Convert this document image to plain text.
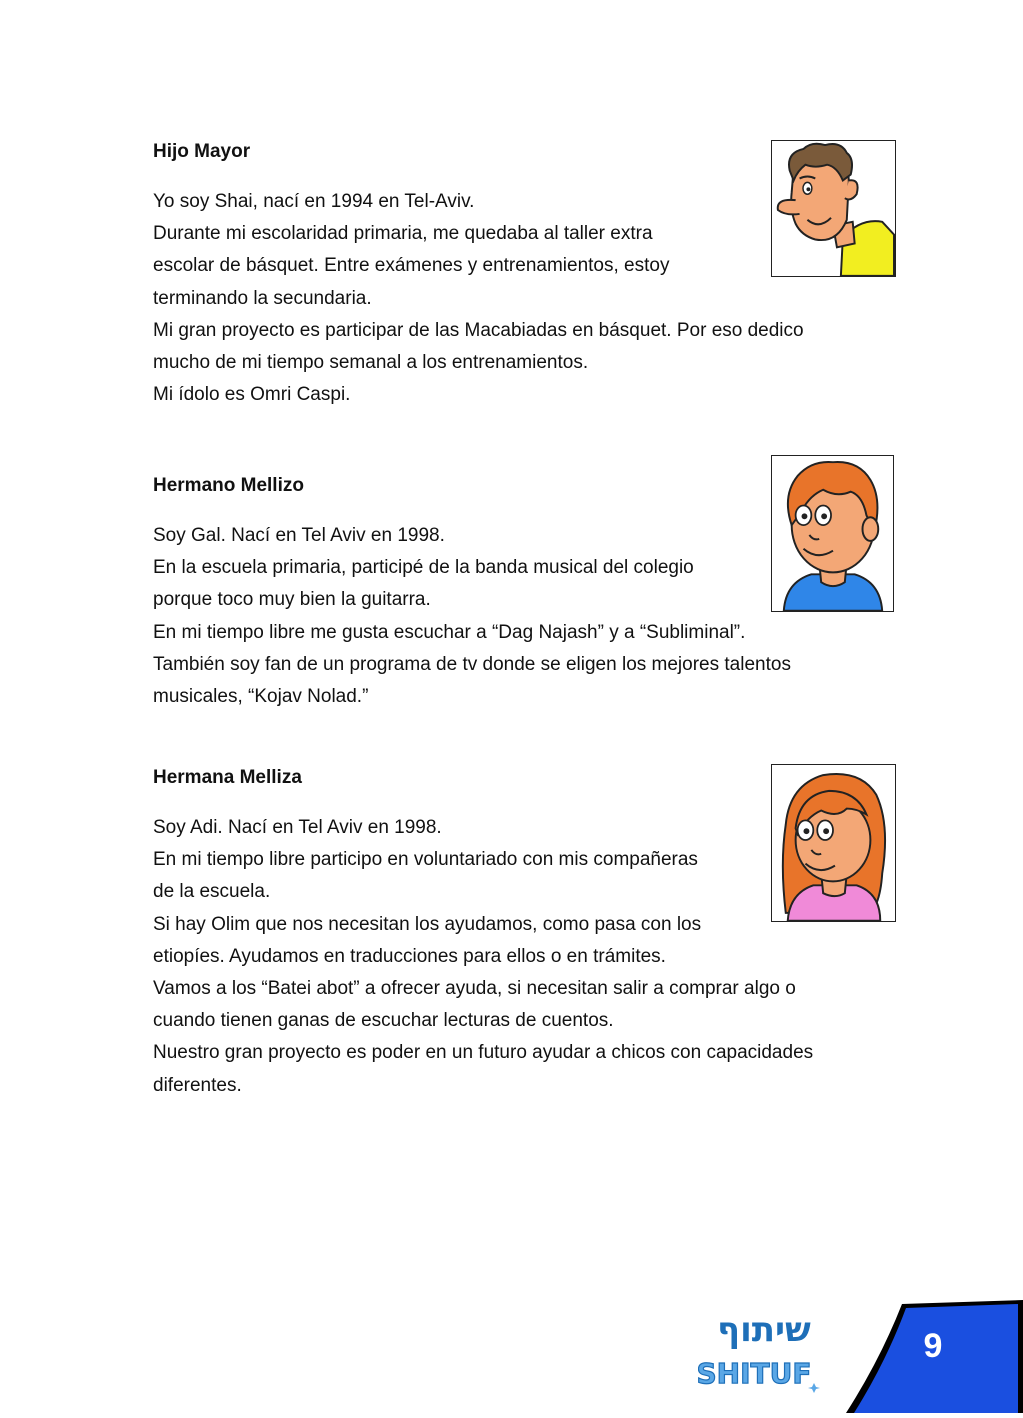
Hijo Mayor
Yo soy Shai, nací en 1994 en Tel-Aviv.
Durante mi escolaridad primaria, me quedaba al taller extra
escolar de básquet. Entre exámenes y entrenamientos, estoy
terminando la secundaria.
Mi gran proyecto es participar de las Macabiadas en básquet. Por eso dedico
mucho de mi tiempo semanal a los entrenamientos.
Mi ídolo es Omri Caspi.
Hermano Mellizo
Soy Gal. Nací en Tel Aviv en 1998.
En la escuela primaria, participé de la banda musical del colegio
porque toco muy bien la guitarra.
En mi tiempo libre me gusta escuchar a “Dag Najash” y a “Subliminal”.
También soy fan de un programa de tv donde se eligen los mejores talentos
musicales, “Kojav Nolad.”
Hermana Melliza
Soy Adi. Nací en Tel Aviv en 1998.
En mi tiempo libre participo en voluntariado con mis compañeras
de la escuela.
Si hay Olim que nos necesitan los ayudamos, como pasa con los
etiopíes. Ayudamos en traducciones para ellos o en trámites.
Vamos a los “Batei abot” a ofrecer ayuda, si necesitan salir a comprar algo o
cuando tienen ganas de escuchar lecturas de cuentos.
Nuestro gran proyecto es poder en un futuro ayudar a chicos con capacidades
diferentes.
שיתוף
SHITUF
9
